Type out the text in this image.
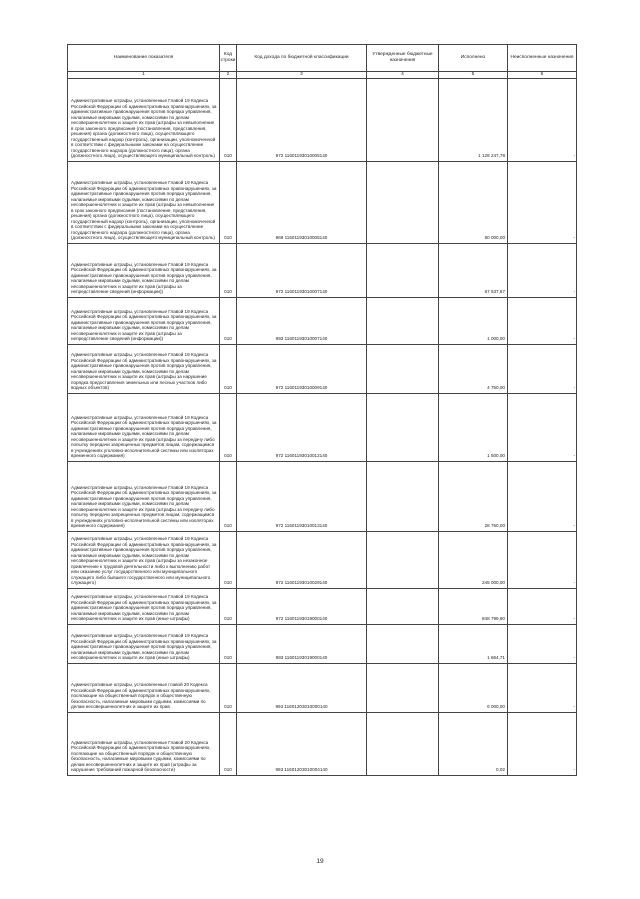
Наименование показателя	Код строки	Код дохода по бюджетной классификации	Утвержденные бюджетные назначения	Исполнено	Неисполненные назначения
1	2	3	4	5	6
Административные штрафы, установленные Главой 19 Кодекса Российской Федерации об административных правонарушениях, за административные правонарушения против порядка управления, налагаемые мировыми судьями, комиссиями по делам несовершеннолетних и защите их прав (штрафы за невыполнение в срок законного предписания (постановления, представления, решения) органа (должностного лица), осуществляющего государственный надзор (контроль), организации, уполномоченной в соответствии с федеральными законами на осуществление государственного надзора (должностного лица), органа (должностного лица), осуществляющего муниципальный контроль)	010	972 11601193010005140		1 128 247,78	-
Административные штрафы, установленные Главой 19 Кодекса Российской Федерации об административных правонарушениях, за административные правонарушения против порядка управления, налагаемые мировыми судьями, комиссиями по делам несовершеннолетних и защите их прав (штрафы за невыполнение в срок законного предписания (постановления, представления, решения) органа (должностного лица), осуществляющего государственный надзор (контроль), организации, уполномоченной в соответствии с федеральными законами на осуществление государственного надзора (должностного лица), органа (должностного лица), осуществляющего муниципальный контроль)	010	969 11601193010005140		60 000,00	-
Административные штрафы, установленные Главой 19 Кодекса Российской Федерации об административных правонарушениях, за административные правонарушения против порядка управления, налагаемые мировыми судьями, комиссиями по делам несовершеннолетних и защите их прав (штрафы за непредставление сведений (информации))	010	972 11601193010007140		67 537,67	-
Административные штрафы, установленные Главой 19 Кодекса Российской Федерации об административных правонарушениях, за административные правонарушения против порядка управления, налагаемые мировыми судьями, комиссиями по делам несовершеннолетних и защите их прав (штрафы за непредставление сведений (информации))	010	993 11601193010007140		1 000,00	-
Административные штрафы, установленные Главой 19 Кодекса Российской Федерации об административных правонарушениях, за административные правонарушения против порядка управления, налагаемые мировыми судьями, комиссиями по делам несовершеннолетних и защите их прав (штрафы за нарушение порядка предоставления земельных или лесных участков либо водных объектов)	010	972 11601193010009140		4 750,00	-
Административные штрафы, установленные Главой 19 Кодекса Российской Федерации об административных правонарушениях, за административные правонарушения против порядка управления, налагаемые мировыми судьями, комиссиями по делам несовершеннолетних и защите их прав (штрафы за передачу либо попытку передачи запрещенных предметов лицам, содержащимся в учреждениях уголовно-исполнительной системы или изоляторах временного содержания)	010	972 11601193010012140		1 500,00	-
Административные штрафы, установленные Главой 19 Кодекса Российской Федерации об административных правонарушениях, за административные правонарушения против порядка управления, налагаемые мировыми судьями, комиссиями по делам несовершеннолетних и защите их прав (штрафы за передачу либо попытку передачи запрещенных предметов лицам, содержащимся в учреждениях уголовно-исполнительной системы или изоляторах временного содержания)	010	972 11601193010013140		28 750,00	-
Административные штрафы, установленные Главой 19 Кодекса Российской Федерации об административных правонарушениях, за административные правонарушения против порядка управления, налагаемые мировыми судьями, комиссиями по делам несовершеннолетних и защите их прав (штрафы за незаконное привлечение к трудовой деятельности либо к выполнению работ или оказанию услуг государственного или муниципального служащего либо бывшего государственного или муниципального служащего)	010	972 11601193010029140		245 000,00	-
Административные штрафы, установленные Главой 19 Кодекса Российской Федерации об административных правонарушениях, за административные правонарушения против порядка управления, налагаемые мировыми судьями, комиссиями по делам несовершеннолетних и защите их прав (иные штрафы)	010	972 11601193019000140		848 799,60	-
Административные штрафы, установленные Главой 19 Кодекса Российской Федерации об административных правонарушениях, за административные правонарушения против порядка управления, налагаемые мировыми судьями, комиссиями по делам несовершеннолетних и защите их прав (иные штрафы)	010	993 11601193019000140		1 664,71	-
Административные штрафы, установленные главой 20 Кодекса Российской Федерации об административных правонарушениях, посягающие на общественный порядок и общественную безопасность, налагаемые мировыми судьями, комиссиями по делам несовершеннолетних и защите их прав	010	993 11601203010000140		6 000,00	-
Административные штрафы, установленные Главой 20 Кодекса Российской Федерации об административных правонарушениях, посягающие на общественный порядок и общественную безопасность, налагаемые мировыми судьями, комиссиями по делам несовершеннолетних и защите их прав (штрафы за нарушение требований пожарной безопасности)	010	993 11601203010004140		0,02	-
19
